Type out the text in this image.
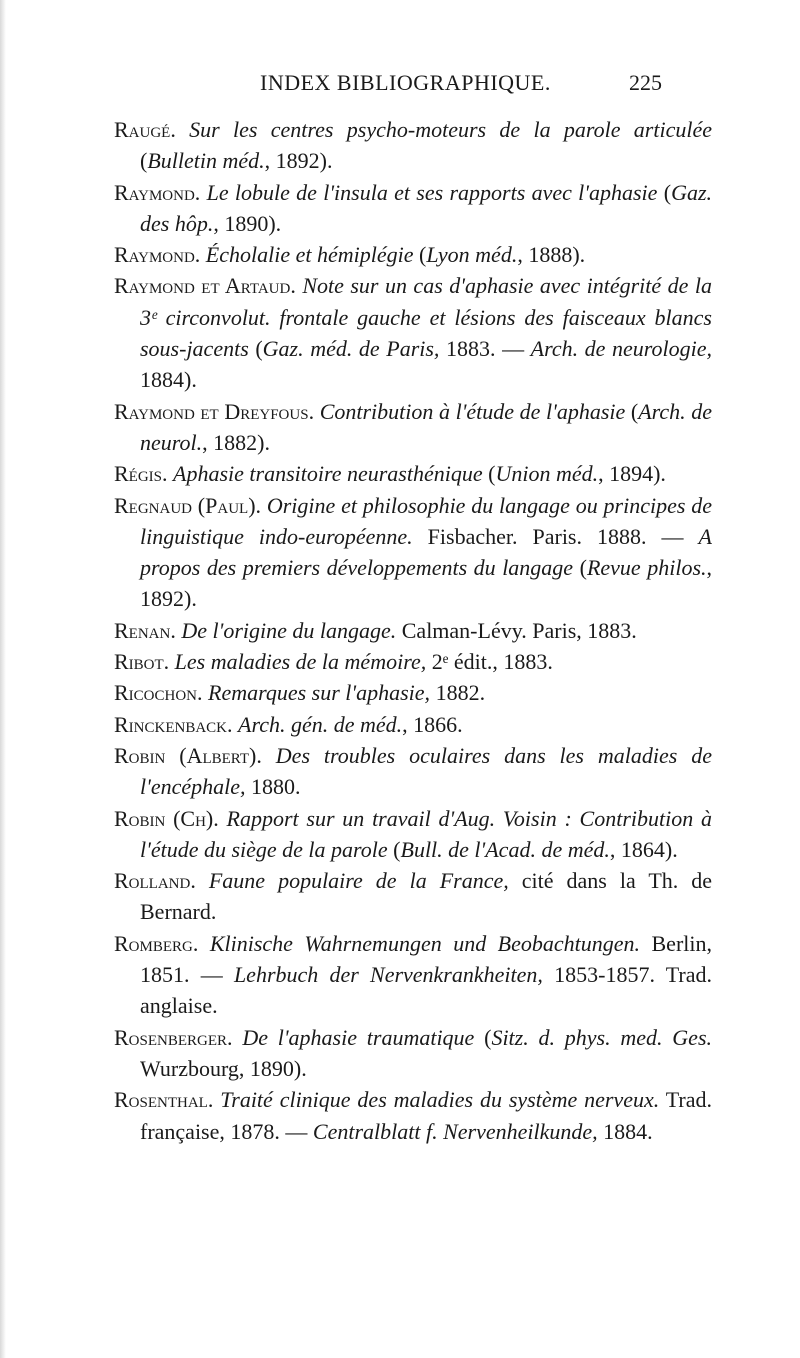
INDEX BIBLIOGRAPHIQUE.	225

Raugé. Sur les centres psycho-moteurs de la parole articulée (Bulletin méd., 1892).

Raymond. Le lobule de l'insula et ses rapports avec l'aphasie (Gaz. des hôp., 1890).

Raymond. Écholalie et hémiplégie (Lyon méd., 1888).

Raymond et Artaud. Note sur un cas d'aphasie avec intégrité de la 3ᵉ circonvolut. frontale gauche et lésions des faisceaux blancs sous-jacents (Gaz. méd. de Paris, 1883. — Arch. de neurologie, 1884).

Raymond et Dreyfous. Contribution à l'étude de l'aphasie (Arch. de neurol., 1882).

Régis. Aphasie transitoire neurasthénique (Union méd., 1894).

Regnaud (Paul). Origine et philosophie du langage ou principes de linguistique indo-européenne. Fisbacher. Paris. 1888. — A propos des premiers développements du langage (Revue philos., 1892).

Renan. De l'origine du langage. Calman-Lévy. Paris, 1883.

Ribot. Les maladies de la mémoire, 2ᵉ édit., 1883.

Ricochon. Remarques sur l'aphasie, 1882.

Rinckenback. Arch. gén. de méd., 1866.

Robin (Albert). Des troubles oculaires dans les maladies de l'encéphale, 1880.

Robin (Ch). Rapport sur un travail d'Aug. Voisin : Contribution à l'étude du siège de la parole (Bull. de l'Acad. de méd., 1864).

Rolland. Faune populaire de la France, cité dans la Th. de Bernard.

Romberg. Klinische Wahrnemungen und Beobachtungen. Berlin, 1851. — Lehrbuch der Nervenkrankheiten, 1853-1857. Trad. anglaise.

Rosenberger. De l'aphasie traumatique (Sitz. d. phys. med. Ges. Wurzbourg, 1890).

Rosenthal. Traité clinique des maladies du système nerveux. Trad. française, 1878. — Centralblatt f. Nervenheilkunde, 1884.
